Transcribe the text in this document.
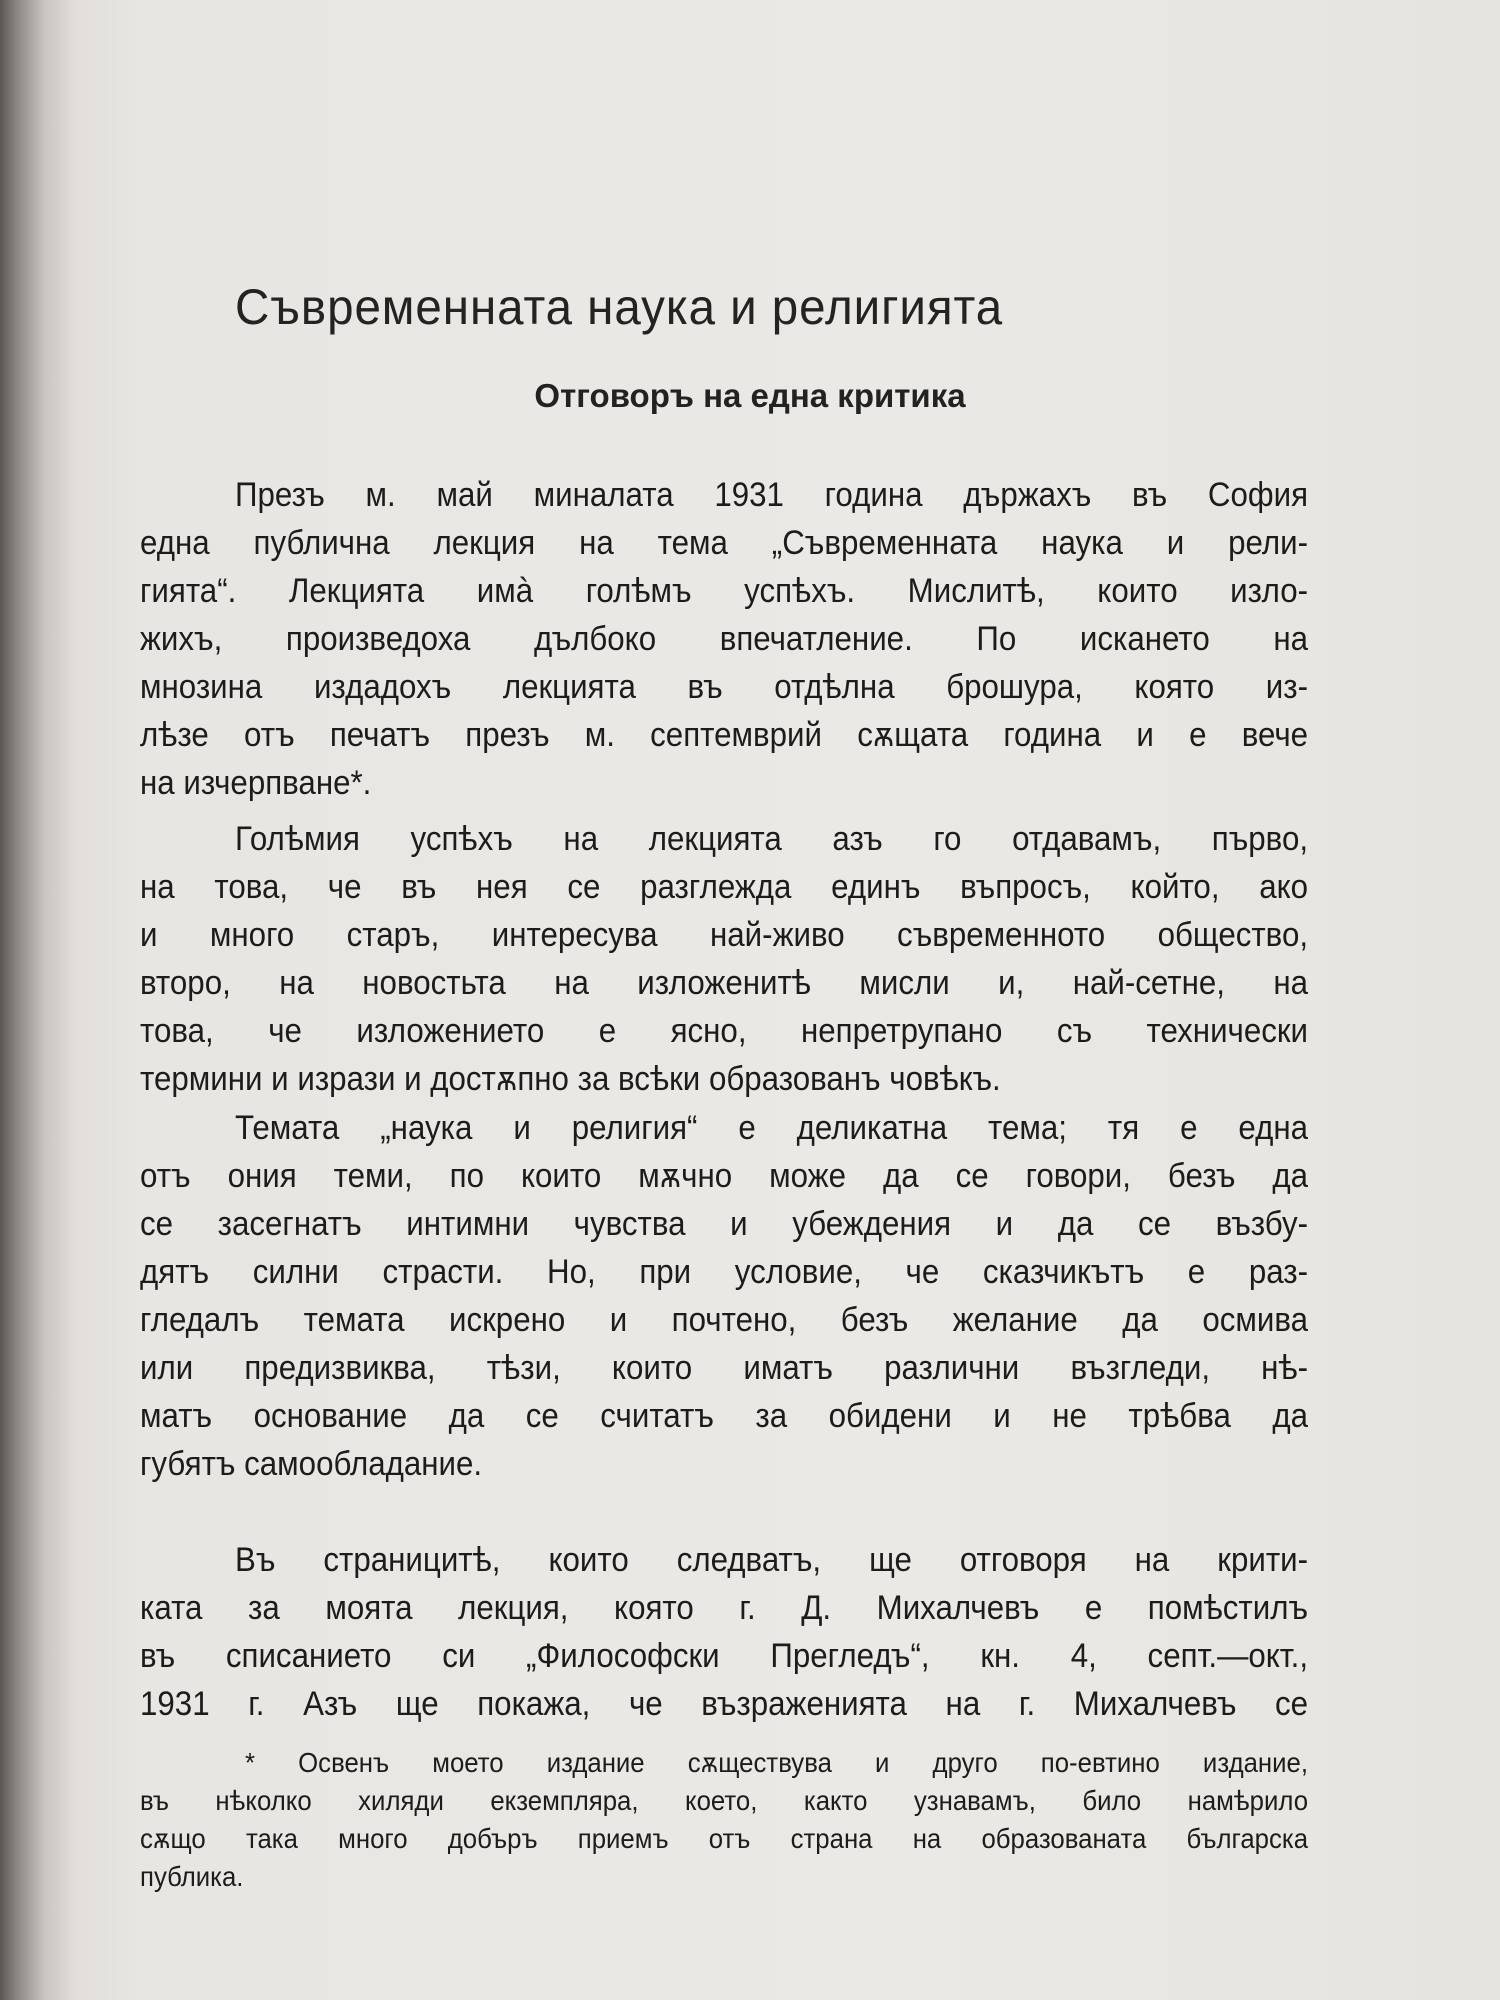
Съвременната наука и религията
Отговоръ на една критика
Презъ м. май миналата 1931 година държахъ въ София
една публична лекция на тема „Съвременната наука и рели-
гията“. Лекцията имà голѣмъ успѣхъ. Мислитѣ, които изло-
жихъ, произведоха дълбоко впечатление. По искането на
мнозина издадохъ лекцията въ отдѣлна брошура, която из-
лѣзе отъ печатъ презъ м. септемврий сѫщата година и е вече
на изчерпване*.
Голѣмия успѣхъ на лекцията азъ го отдавамъ, първо,
на това, че въ нея се разглежда единъ въпросъ, който, ако
и много старъ, интересува най-живо съвременното общество,
второ, на новостьта на изложенитѣ мисли и, най-сетне, на
това, че изложението е ясно, непретрупано съ технически
термини и изрази и достѫпно за всѣки образованъ човѣкъ.
Темата „наука и религия“ е деликатна тема; тя е една
отъ ония теми, по които мѫчно може да се говори, безъ да
се засегнатъ интимни чувства и убеждения и да се възбу-
дятъ силни страсти. Но, при условие, че сказчикътъ е раз-
гледалъ темата искрено и почтено, безъ желание да осмива
или предизвиква, тѣзи, които иматъ различни възгледи, нѣ-
матъ основание да се считатъ за обидени и не трѣбва да
губятъ самообладание.
Въ страницитѣ, които следватъ, ще отговоря на крити-
ката за моята лекция, която г. Д. Михалчевъ е помѣстилъ
въ списанието си „Философски Прегледъ“, кн. 4, септ.—окт.,
1931 г. Азъ ще покажа, че възраженията на г. Михалчевъ се
* Освенъ моето издание сѫществува и друго по-евтино издание,
въ нѣколко хиляди екземпляра, което, както узнавамъ, било намѣрило
сѫщо така много добъръ приемъ отъ страна на образованата българска
публика.
